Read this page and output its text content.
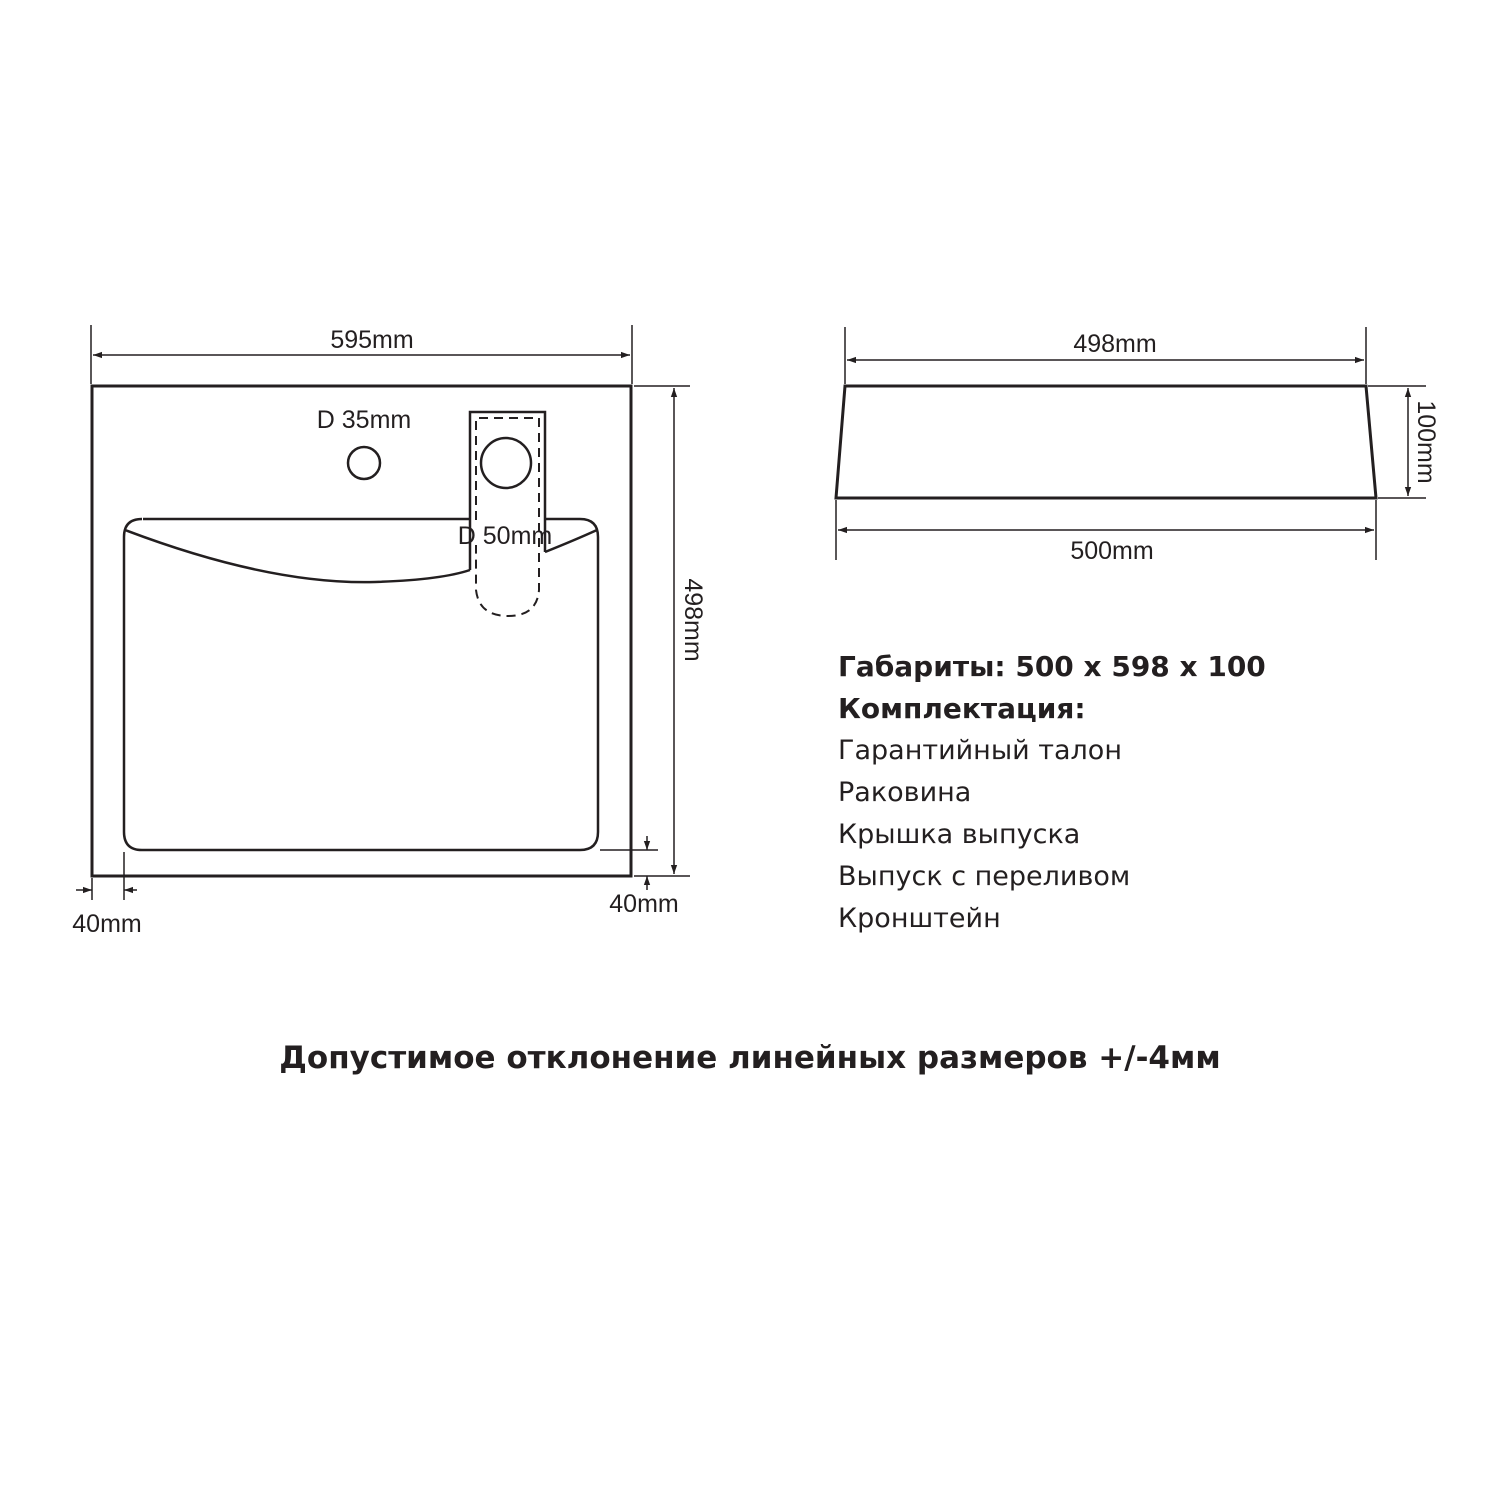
595mm
D 35mm
D 50mm
498mm
40mm
40mm
498mm
500mm
100mm
Габариты: 500 х 598 х 100
Комплектация:
Гарантийный талон
Раковина
Крышка выпуска
Выпуск с переливом
Кронштейн
Допустимое отклонение линейных размеров +/-4мм
